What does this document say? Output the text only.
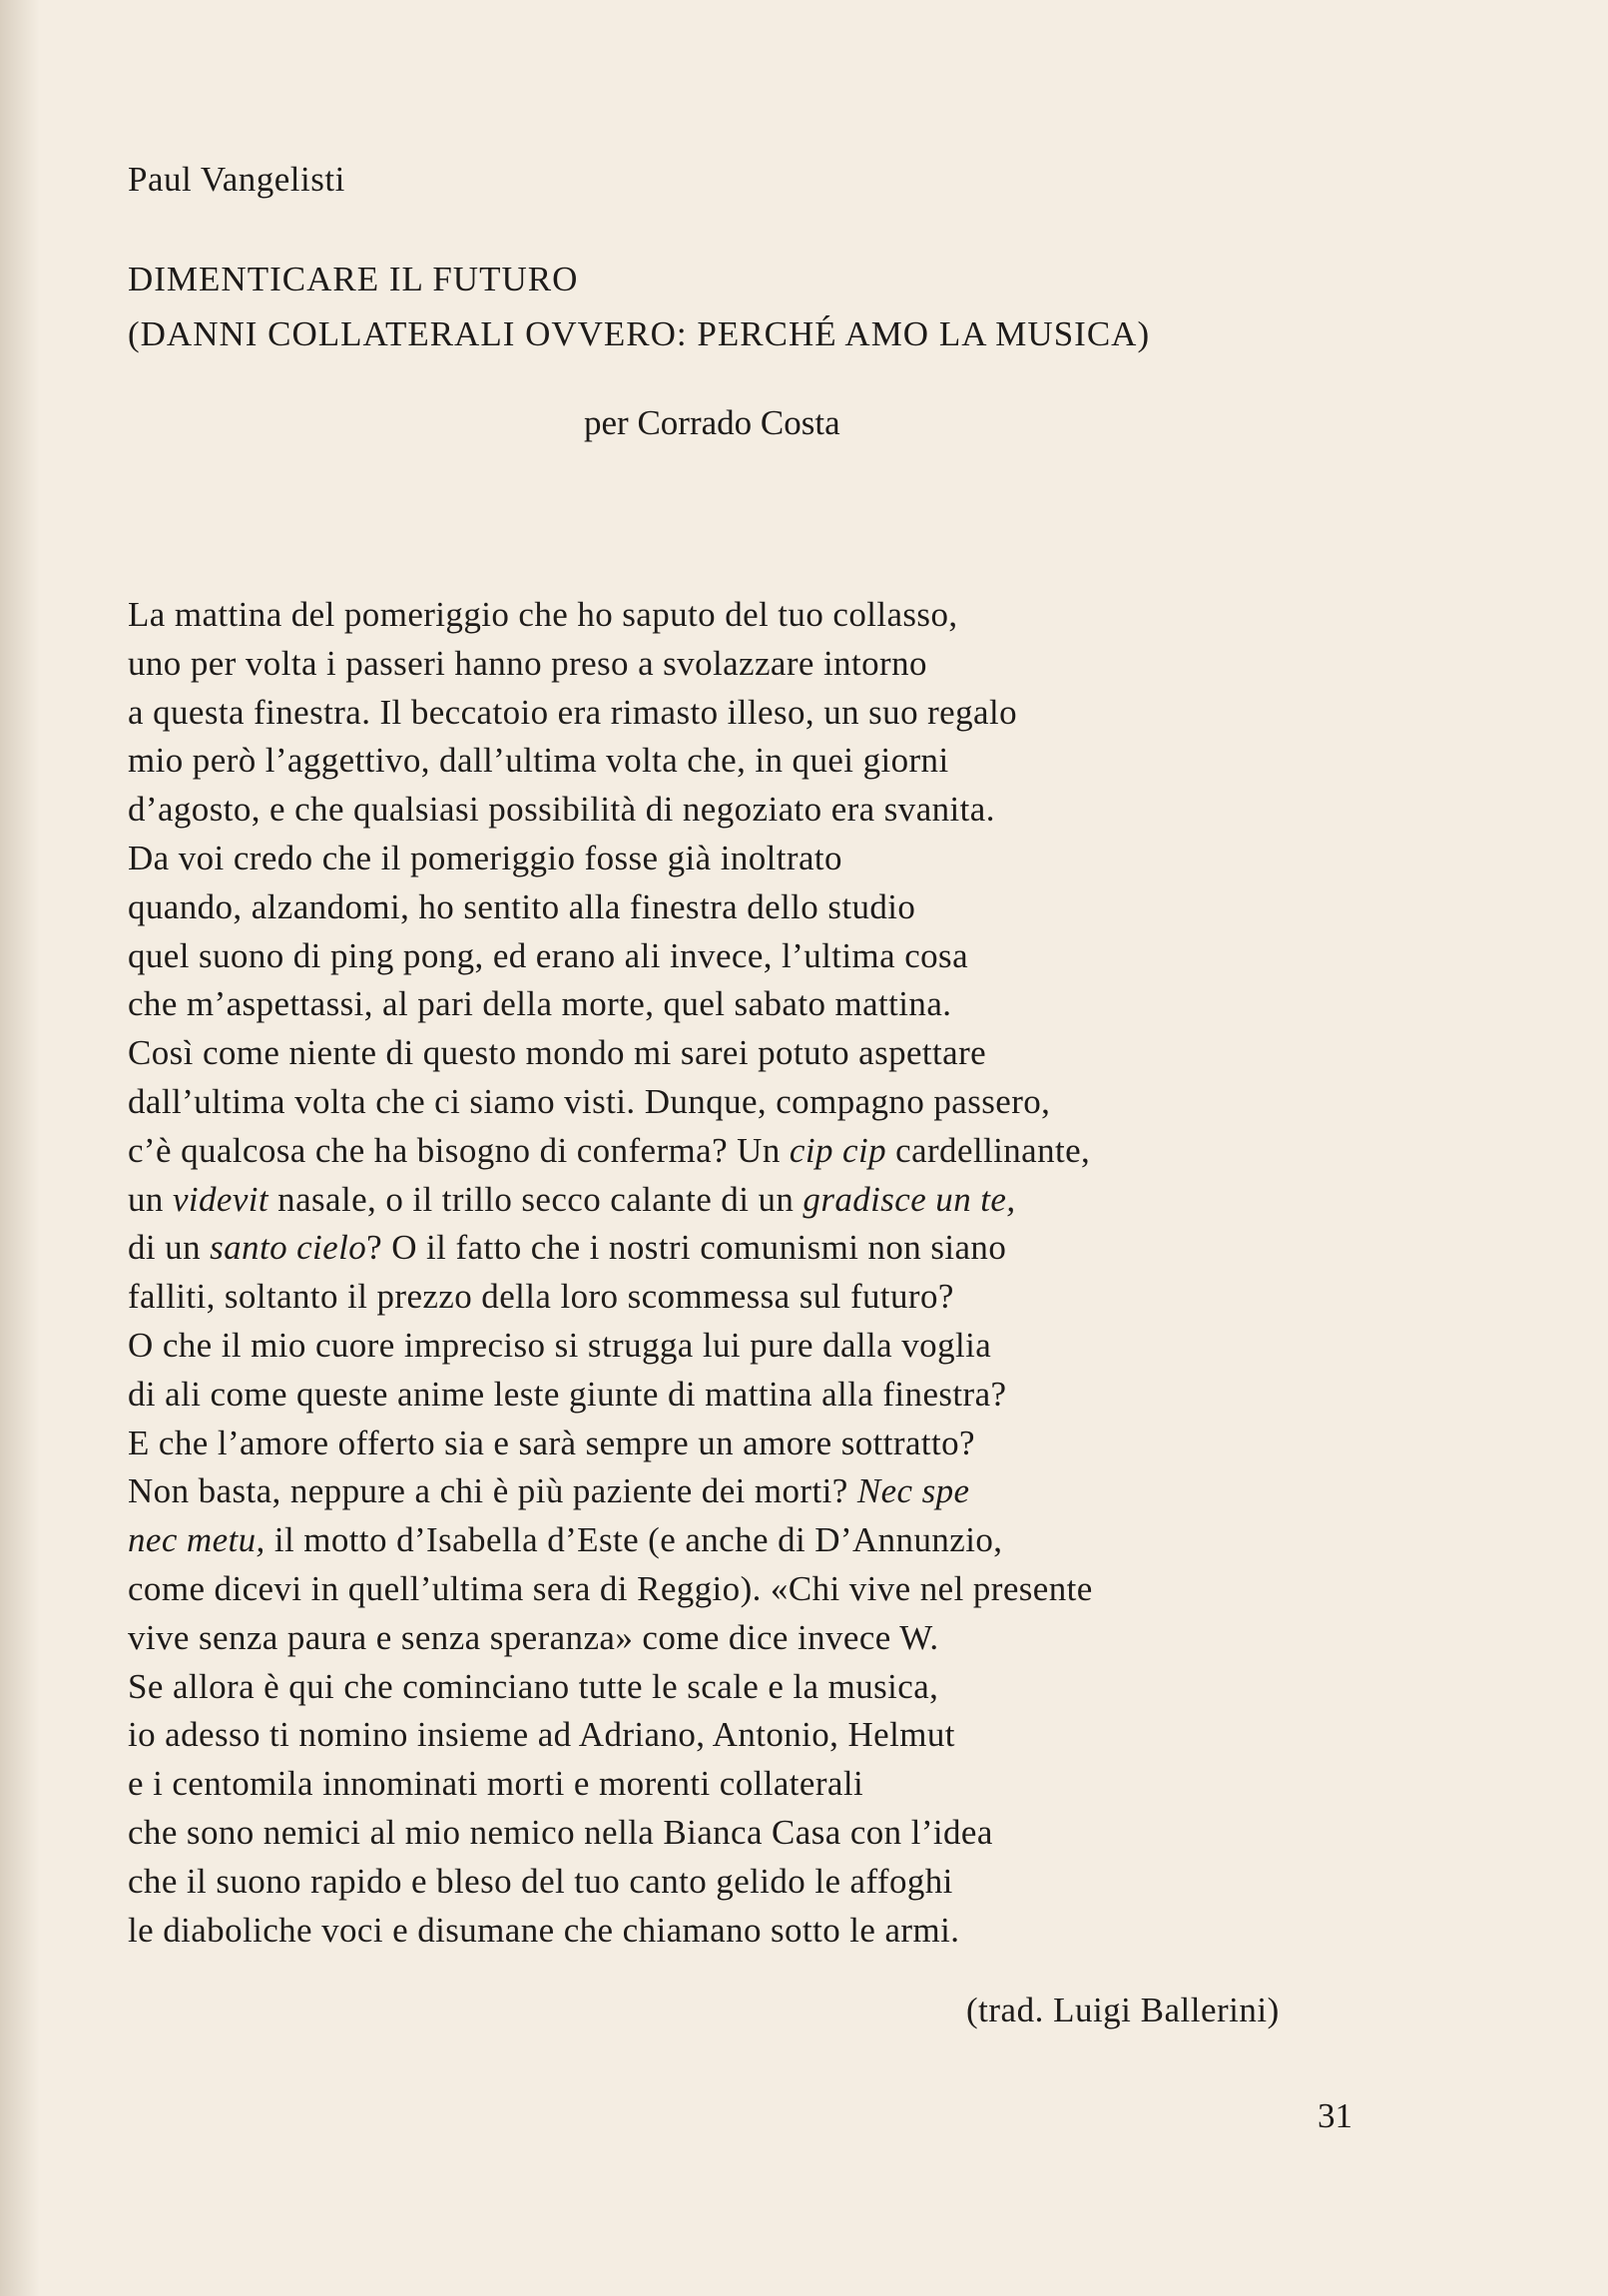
Paul Vangelisti
DIMENTICARE IL FUTURO
(DANNI COLLATERALI OVVERO: PERCHÉ AMO LA MUSICA)
per Corrado Costa
La mattina del pomeriggio che ho saputo del tuo collasso,
uno per volta i passeri hanno preso a svolazzare intorno
a questa finestra. Il beccatoio era rimasto illeso, un suo regalo
mio però l’aggettivo, dall’ultima volta che, in quei giorni
d’agosto, e che qualsiasi possibilità di negoziato era svanita.
Da voi credo che il pomeriggio fosse già inoltrato
quando, alzandomi, ho sentito alla finestra dello studio
quel suono di ping pong, ed erano ali invece, l’ultima cosa
che m’aspettassi, al pari della morte, quel sabato mattina.
Così come niente di questo mondo mi sarei potuto aspettare
dall’ultima volta che ci siamo visti. Dunque, compagno passero,
c’è qualcosa che ha bisogno di conferma? Un cip cip cardellinante,
un videvit nasale, o il trillo secco calante di un gradisce un te,
di un santo cielo? O il fatto che i nostri comunismi non siano
falliti, soltanto il prezzo della loro scommessa sul futuro?
O che il mio cuore impreciso si strugga lui pure dalla voglia
di ali come queste anime leste giunte di mattina alla finestra?
E che l’amore offerto sia e sarà sempre un amore sottratto?
Non basta, neppure a chi è più paziente dei morti? Nec spe
nec metu, il motto d’Isabella d’Este (e anche di D’Annunzio,
come dicevi in quell’ultima sera di Reggio). «Chi vive nel presente
vive senza paura e senza speranza» come dice invece W.
Se allora è qui che cominciano tutte le scale e la musica,
io adesso ti nomino insieme ad Adriano, Antonio, Helmut
e i centomila innominati morti e morenti collaterali
che sono nemici al mio nemico nella Bianca Casa con l’idea
che il suono rapido e bleso del tuo canto gelido le affoghi
le diaboliche voci e disumane che chiamano sotto le armi.
(trad. Luigi Ballerini)
31
